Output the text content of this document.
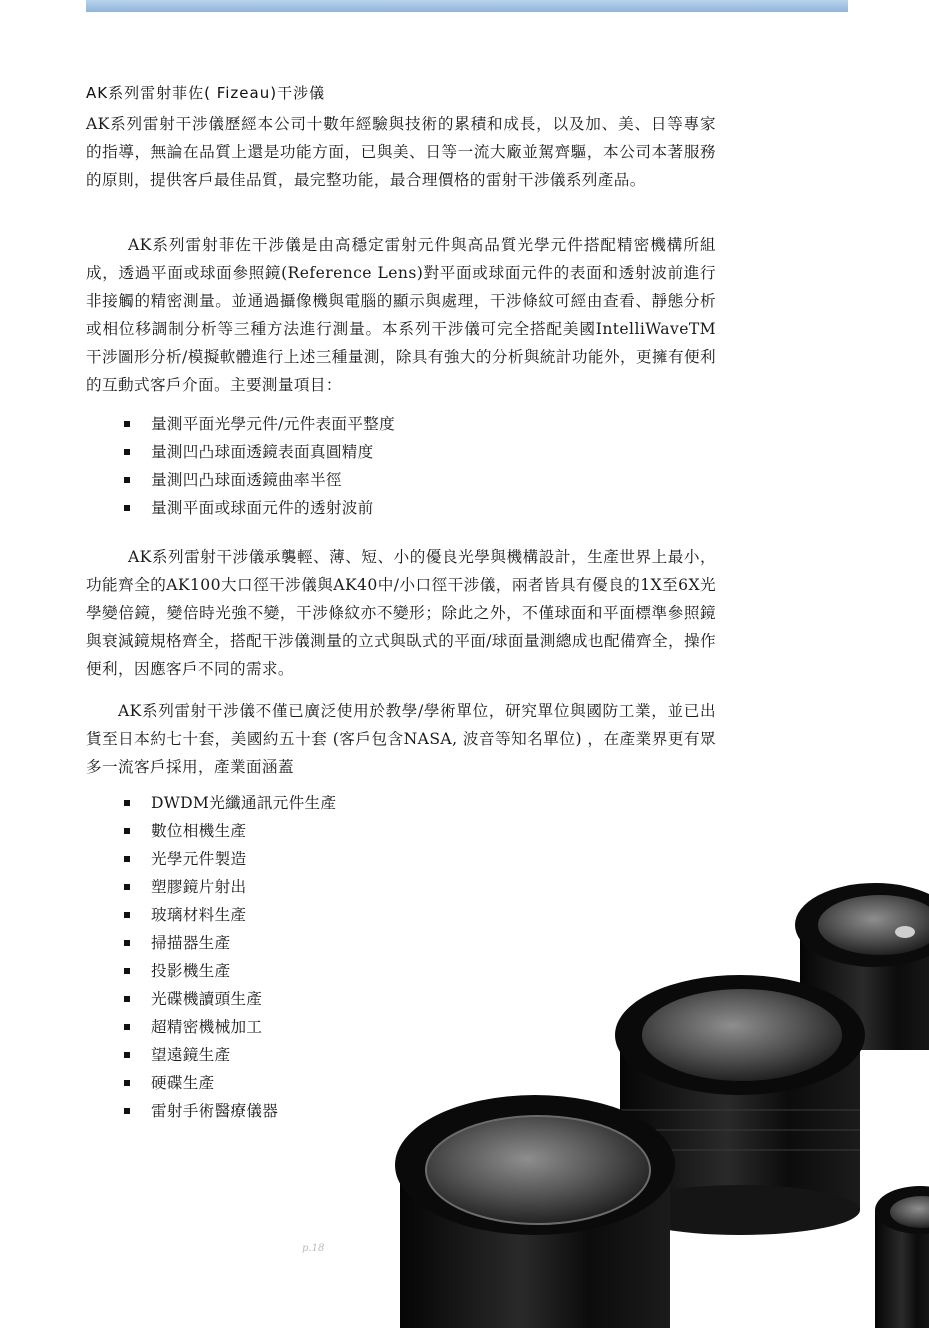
AK系列雷射菲佐( Fizeau)干涉儀

AK系列雷射干涉儀歷經本公司十數年經驗與技術的累積和成長，以及加、美、日等專家的指導，無論在品質上還是功能方面，已與美、日等一流大廠並駕齊驅，本公司本著服務的原則，提供客戶最佳品質，最完整功能，最合理價格的雷射干涉儀系列產品。

AK系列雷射菲佐干涉儀是由高穩定雷射元件與高品質光學元件搭配精密機構所組成，透過平面或球面參照鏡(Reference Lens)對平面或球面元件的表面和透射波前進行非接觸的精密測量。並通過攝像機與電腦的顯示與處理，干涉條紋可經由查看、靜態分析或相位移調制分析等三種方法進行測量。本系列干涉儀可完全搭配美國IntelliWaveTM干涉圖形分析/模擬軟體進行上述三種量測，除具有強大的分析與統計功能外，更擁有便利的互動式客戶介面。主要測量項目：

量測平面光學元件/元件表面平整度
量測凹凸球面透鏡表面真圓精度
量測凹凸球面透鏡曲率半徑
量測平面或球面元件的透射波前

AK系列雷射干涉儀承襲輕、薄、短、小的優良光學與機構設計，生產世界上最小，功能齊全的AK100大口徑干涉儀與AK40中/小口徑干涉儀，兩者皆具有優良的1X至6X光學變倍鏡，變倍時光強不變，干涉條紋亦不變形；除此之外，不僅球面和平面標準參照鏡與衰減鏡規格齊全，搭配干涉儀測量的立式與臥式的平面/球面量測總成也配備齊全，操作便利，因應客戶不同的需求。

AK系列雷射干涉儀不僅已廣泛使用於教學/學術單位，研究單位與國防工業，並已出貨至日本約七十套，美國約五十套 (客戶包含NASA, 波音等知名單位) ，在產業界更有眾多一流客戶採用，產業面涵蓋

DWDM光纖通訊元件生產
數位相機生產
光學元件製造
塑膠鏡片射出
玻璃材料生產
掃描器生產
投影機生產
光碟機讀頭生產
超精密機械加工
望遠鏡生產
硬碟生產
雷射手術醫療儀器
p.18
